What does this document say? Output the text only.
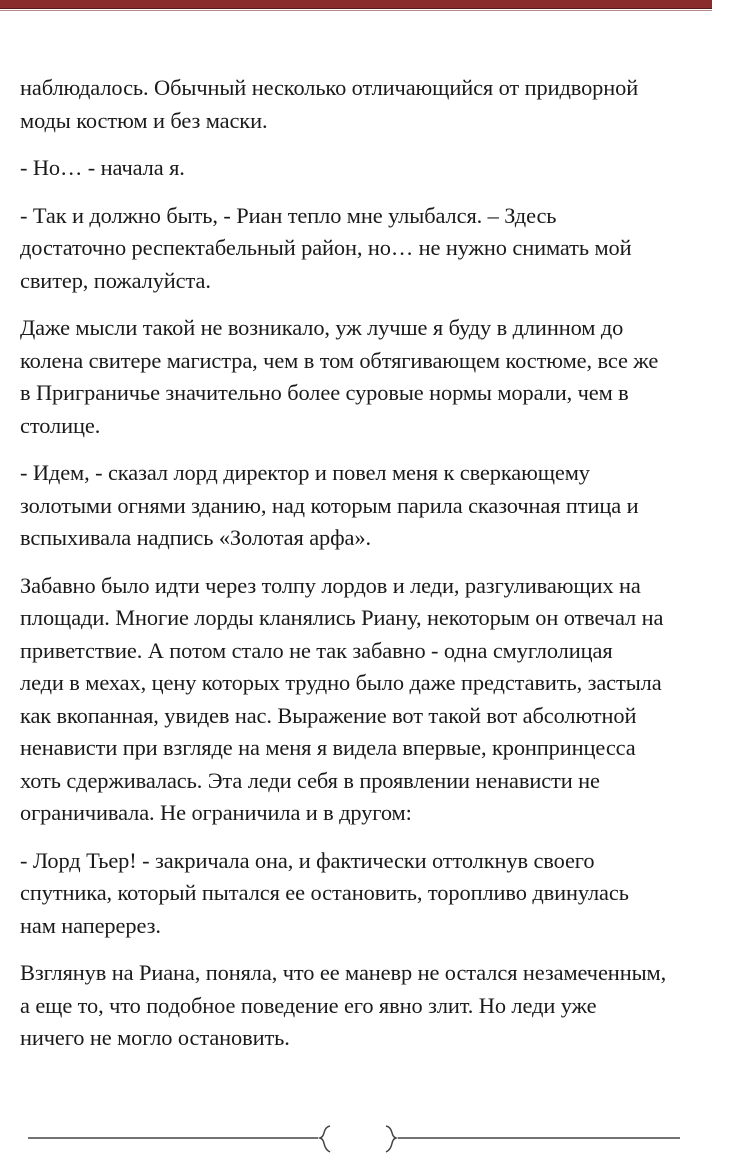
наблюдалось. Обычный несколько отличающийся от придворной
моды костюм и без маски.

- Но… - начала я.

- Так и должно быть, - Риан тепло мне улыбался. – Здесь
достаточно респектабельный район, но… не нужно снимать мой
свитер, пожалуйста.

Даже мысли такой не возникало, уж лучше я буду в длинном до
колена свитере магистра, чем в том обтягивающем костюме, все же
в Приграничье значительно более суровые нормы морали, чем в
столице.

- Идем, - сказал лорд директор и повел меня к сверкающему
золотыми огнями зданию, над которым парила сказочная птица и
вспыхивала надпись «Золотая арфа».

Забавно было идти через толпу лордов и леди, разгуливающих на
площади. Многие лорды кланялись Риану, некоторым он отвечал на
приветствие. А потом стало не так забавно - одна смуглолицая
леди в мехах, цену которых трудно было даже представить, застыла
как вкопанная, увидев нас. Выражение вот такой вот абсолютной
ненависти при взгляде на меня я видела впервые, кронпринцесса
хоть сдерживалась. Эта леди себя в проявлении ненависти не
ограничивала. Не ограничила и в другом:

- Лорд Тьер! - закричала она, и фактически оттолкнув своего
спутника, который пытался ее остановить, торопливо двинулась
нам наперерез.

Взглянув на Риана, поняла, что ее маневр не остался незамеченным,
а еще то, что подобное поведение его явно злит. Но леди уже
ничего не могло остановить.
